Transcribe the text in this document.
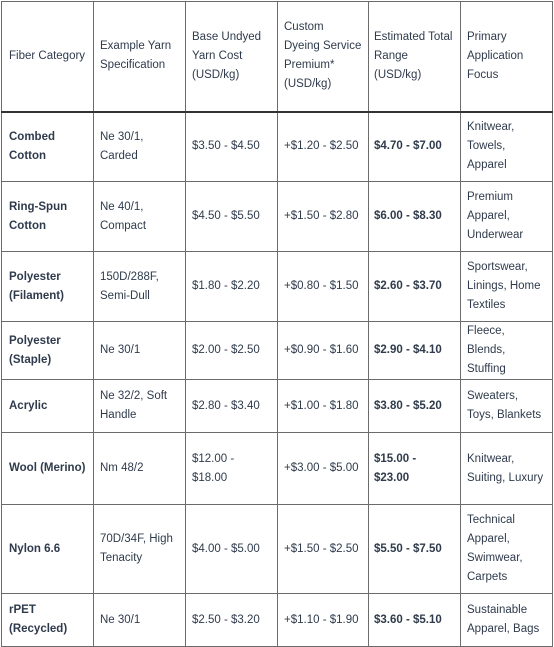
Fiber Category	Example Yarn Specification	Base Undyed Yarn Cost (USD/kg)	Custom Dyeing Service Premium* (USD/kg)	Estimated Total Range (USD/kg)	Primary Application Focus
Combed Cotton	Ne 30/1, Carded	$3.50 - $4.50	+$1.20 - $2.50	$4.70 - $7.00	Knitwear, Towels, Apparel
Ring-Spun Cotton	Ne 40/1, Compact	$4.50 - $5.50	+$1.50 - $2.80	$6.00 - $8.30	Premium Apparel, Underwear
Polyester (Filament)	150D/288F, Semi-Dull	$1.80 - $2.20	+$0.80 - $1.50	$2.60 - $3.70	Sportswear, Linings, Home Textiles
Polyester (Staple)	Ne 30/1	$2.00 - $2.50	+$0.90 - $1.60	$2.90 - $4.10	Fleece, Blends, Stuffing
Acrylic	Ne 32/2, Soft Handle	$2.80 - $3.40	+$1.00 - $1.80	$3.80 - $5.20	Sweaters, Toys, Blankets
Wool (Merino)	Nm 48/2	$12.00 - $18.00	+$3.00 - $5.00	$15.00 - $23.00	Knitwear, Suiting, Luxury
Nylon 6.6	70D/34F, High Tenacity	$4.00 - $5.00	+$1.50 - $2.50	$5.50 - $7.50	Technical Apparel, Swimwear, Carpets
rPET (Recycled)	Ne 30/1	$2.50 - $3.20	+$1.10 - $1.90	$3.60 - $5.10	Sustainable Apparel, Bags
